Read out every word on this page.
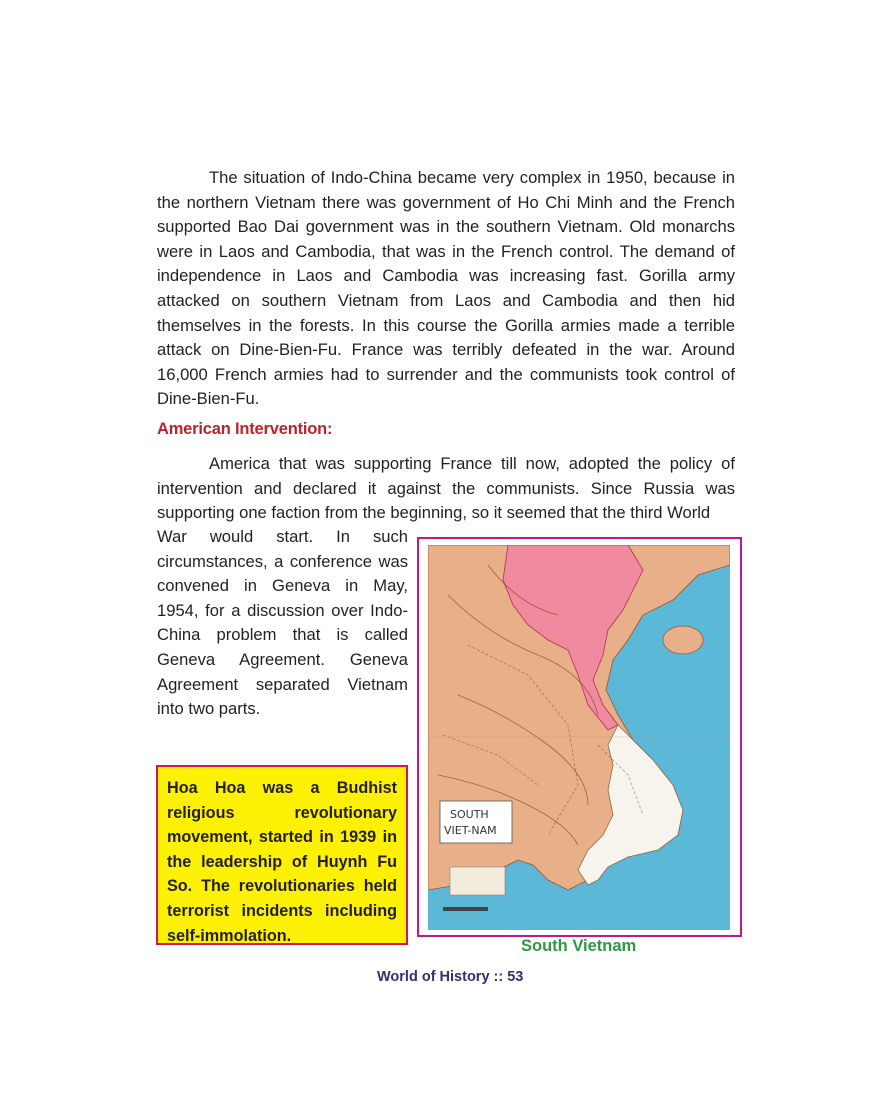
The situation of Indo-China became very complex in 1950, because in the northern Vietnam there was government of Ho Chi Minh and the French supported Bao Dai government was in the southern Vietnam. Old monarchs were in Laos and Cambodia, that was in the French control. The demand of independence in Laos and Cambodia was increasing fast. Gorilla army attacked on southern Vietnam from Laos and Cambodia and then hid themselves in the forests. In this course the Gorilla armies made a terrible attack on Dine-Bien-Fu. France was terribly defeated in the war. Around 16,000 French armies had to surrender and the communists took control of Dine-Bien-Fu.

American Intervention:

America that was supporting France till now, adopted the policy of intervention and declared it against the communists. Since Russia was supporting one faction from the beginning, so it seemed that the third World

War would start. In such circumstances, a conference was convened in Geneva in May, 1954, for a discussion over Indo-China problem that is called Geneva Agreement. Geneva Agreement separated Vietnam into two parts.

Hoa Hoa was a Budhist religious revolutionary movement, started in 1939 in the leadership of Huynh Fu So. The revolutionaries held terrorist incidents including self-immolation.

SOUTH
VIET-NAM

South Vietnam

World of History :: 53
